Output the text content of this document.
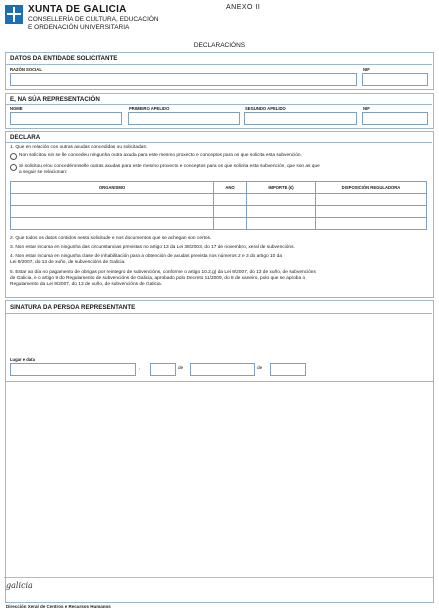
XUNTA DE GALICIA
CONSELLERÍA DE CULTURA, EDUCACIÓN
E ORDENACIÓN UNIVERSITARIA
ANEXO II
DECLARACIÓNS
DATOS DA ENTIDADE SOLICITANTE
RAZÓN SOCIAL	NIF
E, NA SÚA REPRESENTACIÓN
NOME	PRIMEIRO APELIDO	SEGUNDO APELIDO	NIF
DECLARA
1. Que en relación con outras axudas concedidas ou solicitadas:
Non solicitou nin se lle concedeu ningunha outra axuda para este mesmo proxecto e conceptos para os que solicita esta subvención.
Si solicitou e/ou concedéronselle outras axudas para este mesmo proxecto e conceptos para os que solicita esta subvención, que son as que
a seguir se relacionan:
ORGANISMO	ANO	IMPORTE (€)	DISPOSICIÓN REGULADORA

2. Que todos os datos contidos nesta solicitude e nos documentos que se achegan son certos.
3. Non estar incursa en ningunha das circunstancias previstas no artigo 13 da Lei 38/2003, do 17 de novembro, xeral de subvencións.
4. Non estar incursa en ningunha clase de inhabilitación para a obtención de axudas prevista nos números 2 e 3 do artigo 10 da
Lei 9/2007, do 13 de xuño, de subvencións de Galicia.
5. Estar ao día no pagamento de obrigas por reintegro de subvencións, conforme o artigo 10.2.g) da Lei 9/2007, do 13 de xuño, de subvencións
de Galicia, e o artigo 9 do Regulamento de subvencións de Galicia, aprobado polo Decreto 11/2009, do 8 de xaneiro, polo que se aproba o
Regulamento da Lei 9/2007, do 13 de xuño, de subvencións de Galicia.
SINATURA DA PERSOA REPRESENTANTE
Lugar e data
,	de	de
galicia
Dirección Xeral de Centros e Recursos Humanos
